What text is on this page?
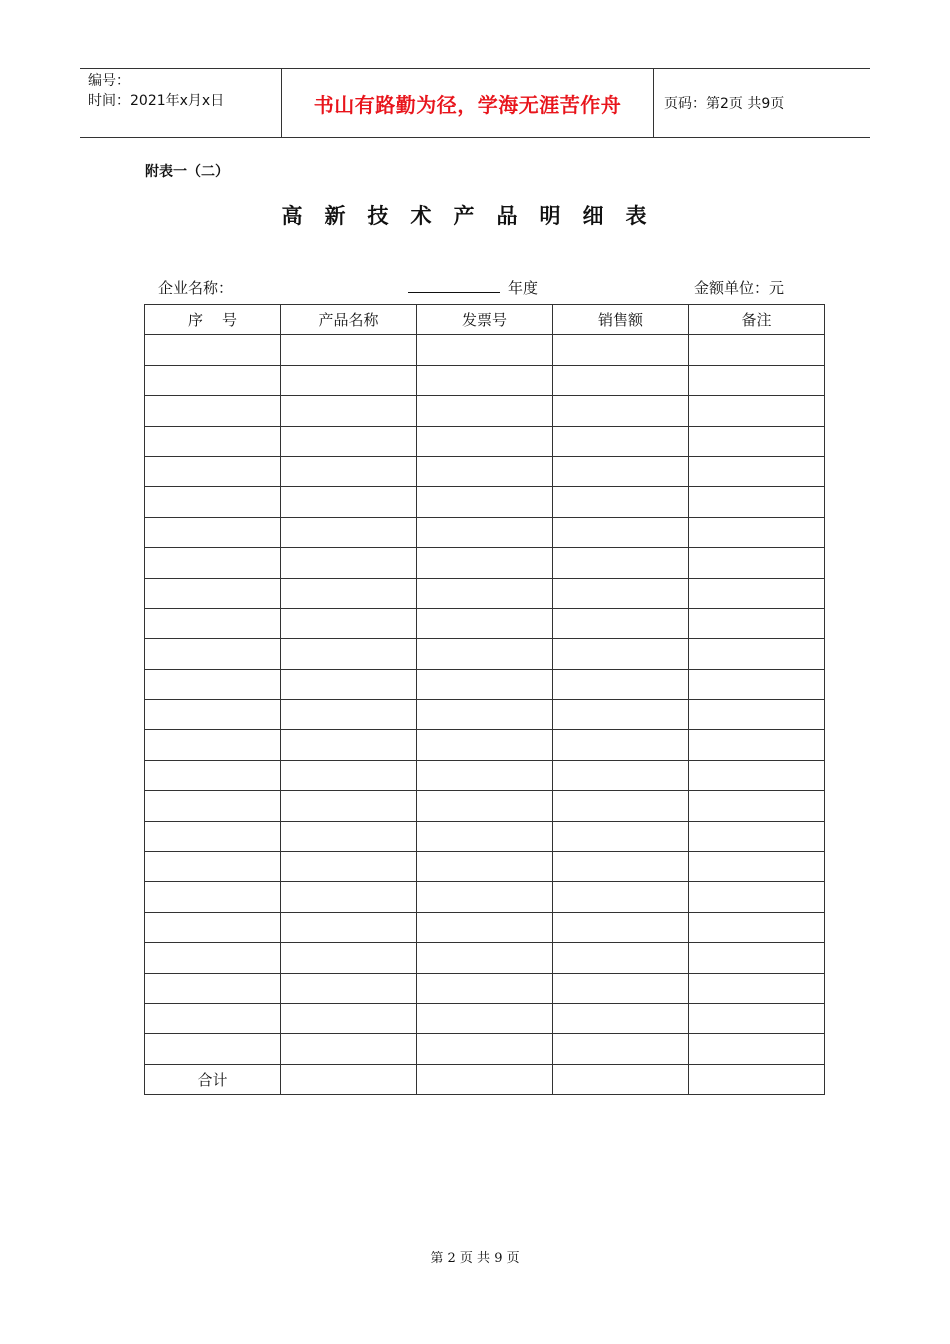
编号：
时间：2021年x月x日	书山有路勤为径，学海无涯苦作舟	页码：第2页 共9页
附表一（二）
高新技术产品明细表
企业名称：	年度	金额单位：元
序    号	产品名称	发票号	销售额	备注

合计				
第 2 页 共 9 页
